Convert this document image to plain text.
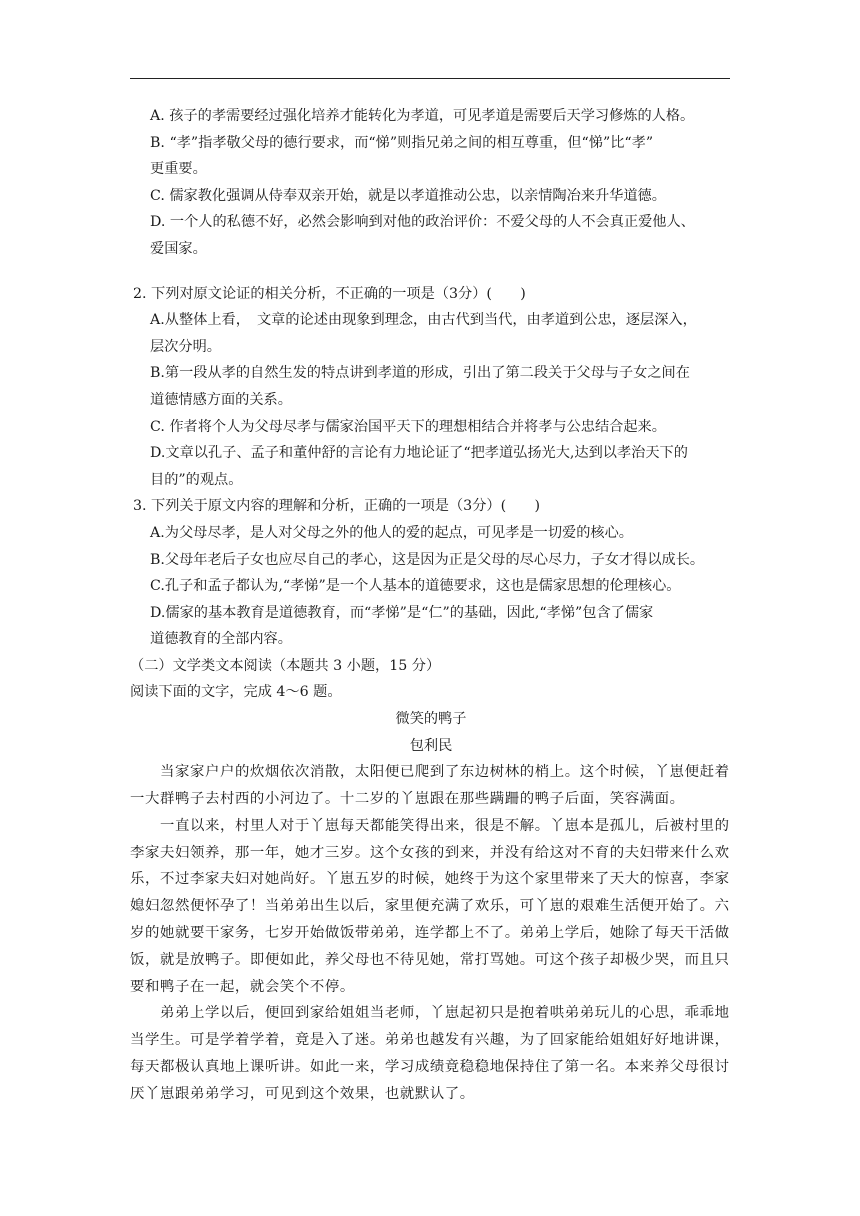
A. 孩子的孝需要经过强化培养才能转化为孝道，可见孝道是需要后天学习修炼的人格。
B. “孝”指孝敬父母的德行要求，而“悌”则指兄弟之间的相互尊重，但“悌”比“孝”
更重要。
C. 儒家教化强调从侍奉双亲开始，就是以孝道推动公忠，以亲情陶冶来升华道德。
D. 一个人的私德不好，必然会影响到对他的政治评价：不爱父母的人不会真正爱他人、
爱国家。
2. 下列对原文论证的相关分析，不正确的一项是（3分）(　　)
A.从整体上看，　文章的论述由现象到理念，由古代到当代，由孝道到公忠，逐层深入，
层次分明。
B.第一段从孝的自然生发的特点讲到孝道的形成，引出了第二段关于父母与子女之间在
道德情感方面的关系。
C. 作者将个人为父母尽孝与儒家治国平天下的理想相结合并将孝与公忠结合起来。
D.文章以孔子、孟子和董仲舒的言论有力地论证了“把孝道弘扬光大,达到以孝治天下的
目的”的观点。
3. 下列关于原文内容的理解和分析，正确的一项是（3分）(　　)
A.为父母尽孝，是人对父母之外的他人的爱的起点，可见孝是一切爱的核心。
B.父母年老后子女也应尽自己的孝心，这是因为正是父母的尽心尽力，子女才得以成长。
C.孔子和孟子都认为,“孝悌”是一个人基本的道德要求，这也是儒家思想的伦理核心。
D.儒家的基本教育是道德教育，而“孝悌”是“仁”的基础，因此,“孝悌”包含了儒家
道德教育的全部内容。
（二）文学类文本阅读（本题共 3 小题，15 分）
阅读下面的文字，完成 4～6 题。
微笑的鸭子
包利民
当家家户户的炊烟依次消散，太阳便已爬到了东边树林的梢上。这个时候，丫崽便赶着
一大群鸭子去村西的小河边了。十二岁的丫崽跟在那些蹒跚的鸭子后面，笑容满面。
一直以来，村里人对于丫崽每天都能笑得出来，很是不解。丫崽本是孤儿，后被村里的
李家夫妇领养，那一年，她才三岁。这个女孩的到来，并没有给这对不育的夫妇带来什么欢
乐，不过李家夫妇对她尚好。丫崽五岁的时候，她终于为这个家里带来了天大的惊喜，李家
媳妇忽然便怀孕了！当弟弟出生以后，家里便充满了欢乐，可丫崽的艰难生活便开始了。六
岁的她就要干家务，七岁开始做饭带弟弟，连学都上不了。弟弟上学后，她除了每天干活做
饭，就是放鸭子。即便如此，养父母也不待见她，常打骂她。可这个孩子却极少哭，而且只
要和鸭子在一起，就会笑个不停。
弟弟上学以后，便回到家给姐姐当老师，丫崽起初只是抱着哄弟弟玩儿的心思，乖乖地
当学生。可是学着学着，竟是入了迷。弟弟也越发有兴趣，为了回家能给姐姐好好地讲课，
每天都极认真地上课听讲。如此一来，学习成绩竟稳稳地保持住了第一名。本来养父母很讨
厌丫崽跟弟弟学习，可见到这个效果，也就默认了。
